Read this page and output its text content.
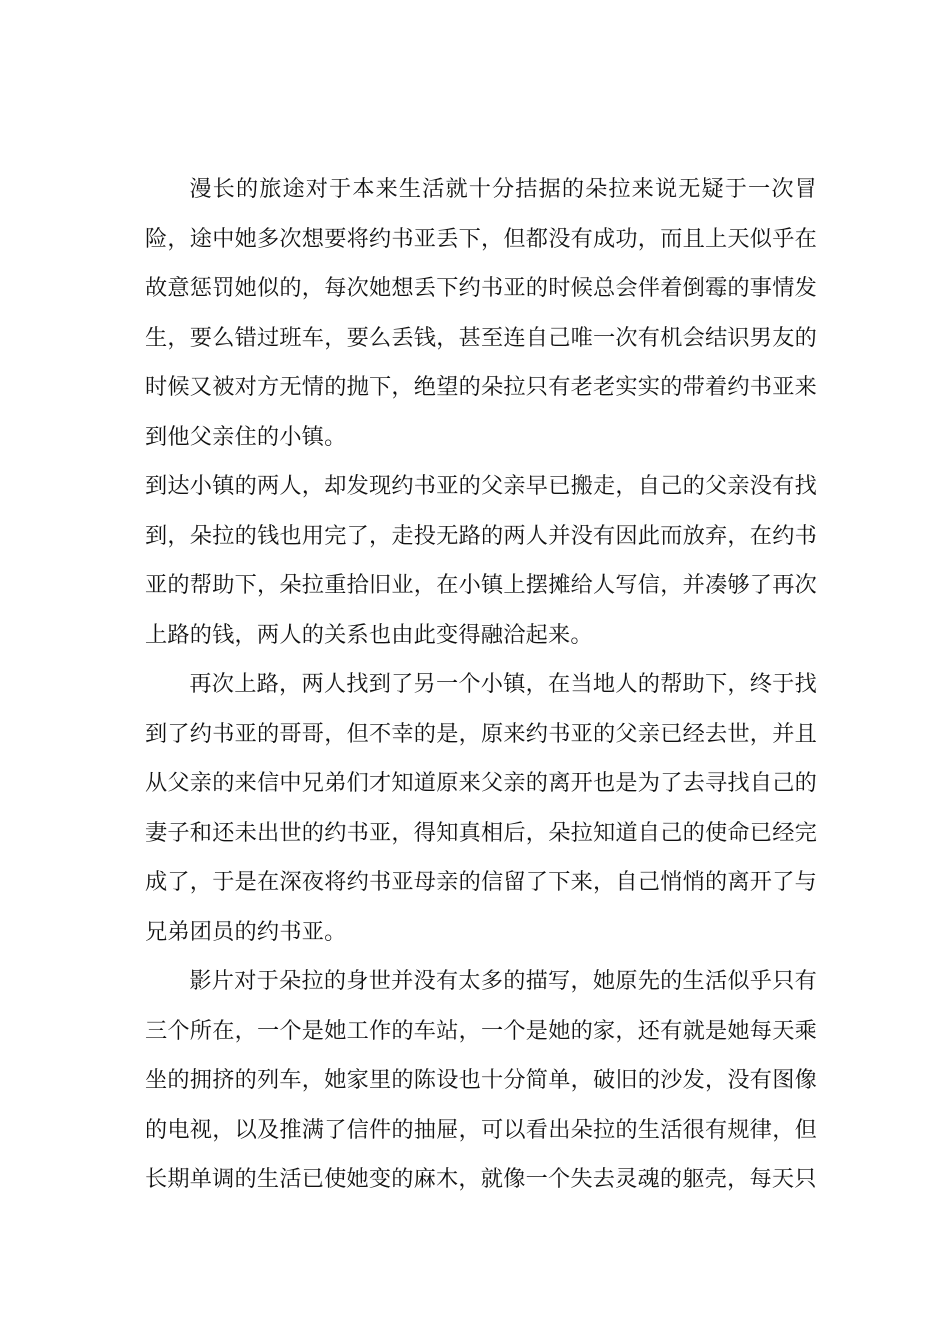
漫长的旅途对于本来生活就十分拮据的朵拉来说无疑于一次冒险，途中她多次想要将约书亚丢下，但都没有成功，而且上天似乎在故意惩罚她似的，每次她想丢下约书亚的时候总会伴着倒霉的事情发生，要么错过班车，要么丢钱，甚至连自己唯一次有机会结识男友的时候又被对方无情的抛下，绝望的朵拉只有老老实实的带着约书亚来到他父亲住的小镇。

到达小镇的两人，却发现约书亚的父亲早已搬走，自己的父亲没有找到，朵拉的钱也用完了，走投无路的两人并没有因此而放弃，在约书亚的帮助下，朵拉重拾旧业，在小镇上摆摊给人写信，并凑够了再次上路的钱，两人的关系也由此变得融洽起来。

再次上路，两人找到了另一个小镇，在当地人的帮助下，终于找到了约书亚的哥哥，但不幸的是，原来约书亚的父亲已经去世，并且从父亲的来信中兄弟们才知道原来父亲的离开也是为了去寻找自己的妻子和还未出世的约书亚，得知真相后，朵拉知道自己的使命已经完成了，于是在深夜将约书亚母亲的信留了下来，自己悄悄的离开了与兄弟团员的约书亚。

影片对于朵拉的身世并没有太多的描写，她原先的生活似乎只有三个所在，一个是她工作的车站，一个是她的家，还有就是她每天乘坐的拥挤的列车，她家里的陈设也十分简单，破旧的沙发，没有图像的电视，以及推满了信件的抽屉，可以看出朵拉的生活很有规律，但长期单调的生活已使她变的麻木，就像一个失去灵魂的躯壳，每天只
